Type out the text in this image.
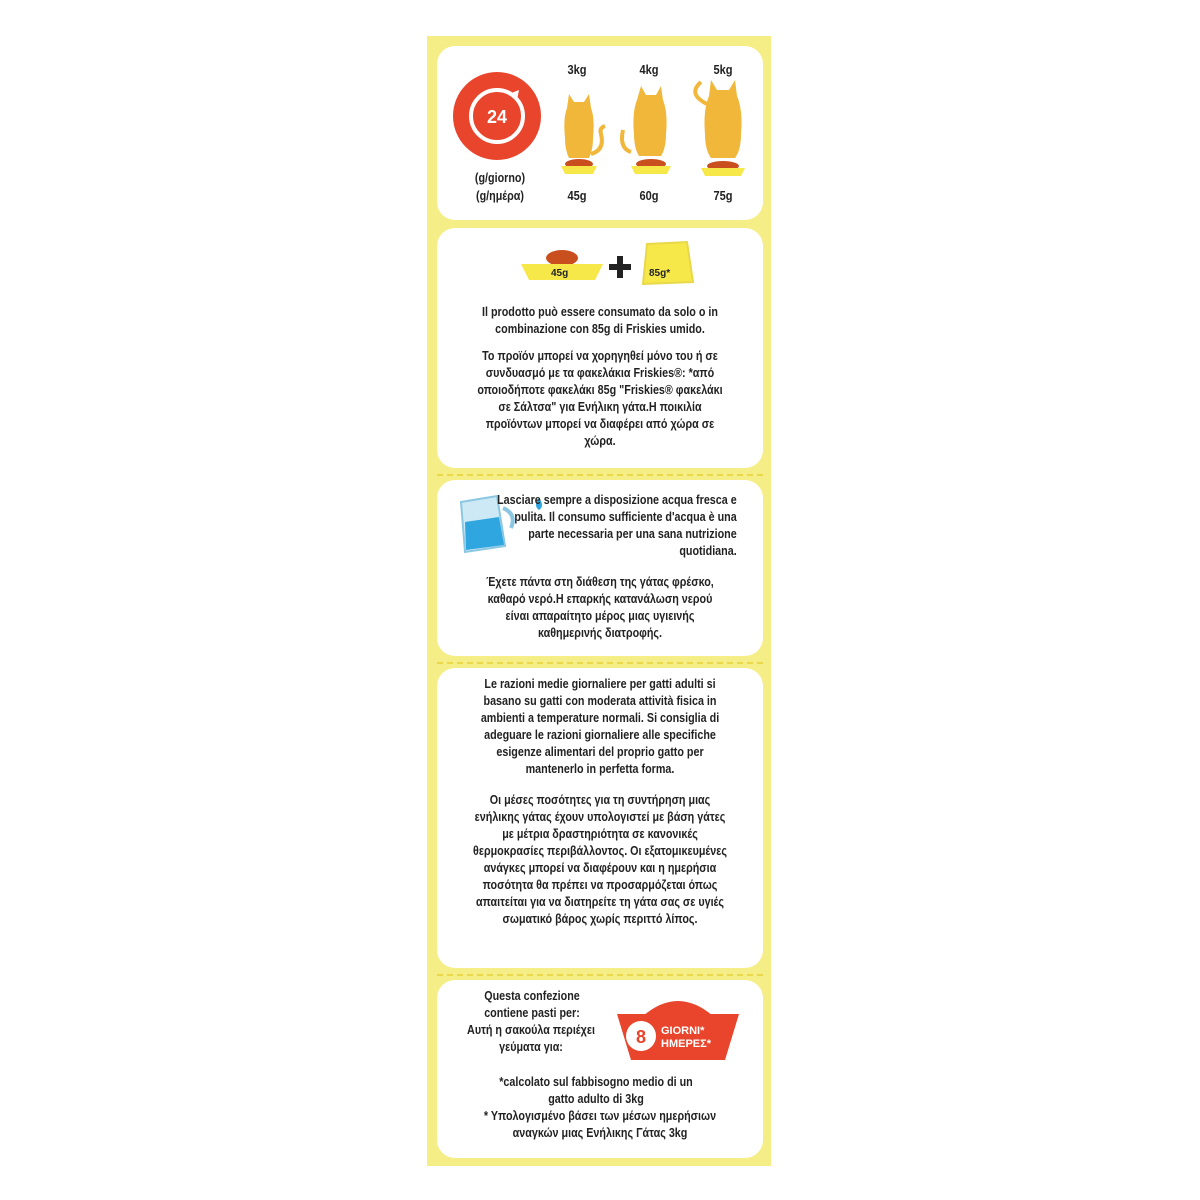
24
(g/giorno)
(g/ημέρα)
3kg	4kg	5kg
45g	60g	75g
45g	85g*
Il prodotto può essere consumato da solo o in combinazione con 85g di Friskies umido.
Το προϊόν μπορεί να χορηγηθεί μόνο του ή σε συνδυασμό με τα φακελάκια Friskies®: *από οποιοδήποτε φακελάκι 85g "Friskies® φακελάκι σε Σάλτσα" για Ενήλικη γάτα.Η ποικιλία προϊόντων μπορεί να διαφέρει από χώρα σε χώρα.
Lasciare sempre a disposizione acqua fresca e pulita. Il consumo sufficiente d'acqua è una parte necessaria per una sana nutrizione quotidiana.
Έχετε πάντα στη διάθεση της γάτας φρέσκο, καθαρό νερό.Η επαρκής κατανάλωση νερού είναι απαραίτητο μέρος μιας υγιεινής καθημερινής διατροφής.
Le razioni medie giornaliere per gatti adulti si basano su gatti con moderata attività fisica in ambienti a temperature normali. Si consiglia di adeguare le razioni giornaliere alle specifiche esigenze alimentari del proprio gatto per mantenerlo in perfetta forma.
Οι μέσες ποσότητες για τη συντήρηση μιας ενήλικης γάτας έχουν υπολογιστεί με βάση γάτες με μέτρια δραστηριότητα σε κανονικές θερμοκρασίες περιβάλλοντος. Οι εξατομικευμένες ανάγκες μπορεί να διαφέρουν και η ημερήσια ποσότητα θα πρέπει να προσαρμόζεται όπως απαιτείται για να διατηρείτε τη γάτα σας σε υγιές σωματικό βάρος χωρίς περιττό λίπος.
Questa confezione contiene pasti per:
Αυτή η σακούλα περιέχει γεύματα για:	8 GIORNI*
ΗΜΕΡΕΣ*
*calcolato sul fabbisogno medio di un gatto adulto di 3kg
* Υπολογισμένο βάσει των μέσων ημερήσιων αναγκών μιας Ενήλικης Γάτας 3kg
